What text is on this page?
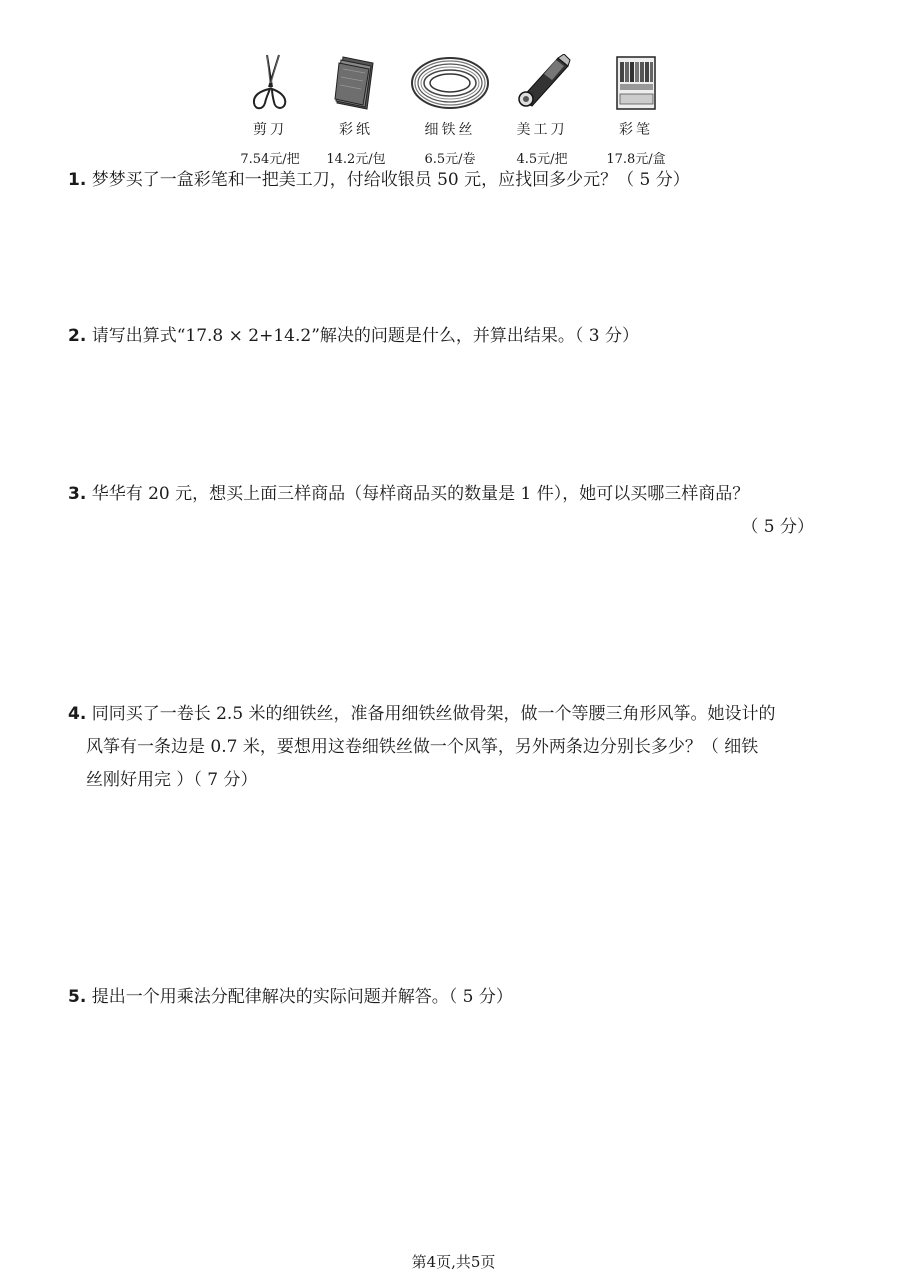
剪刀
7.54元/把
彩纸
14.2元/包
细铁丝
6.5元/卷
美工刀
4.5元/把
彩笔
17.8元/盒
1. 梦梦买了一盒彩笔和一把美工刀，付给收银员 50 元，应找回多少元？（ 5 分）
2. 请写出算式“17.8 × 2+14.2”解决的问题是什么，并算出结果。（ 3 分）
3. 华华有 20 元，想买上面三样商品（每样商品买的数量是 1 件），她可以买哪三样商品？
（ 5 分）
4. 同同买了一卷长 2.5 米的细铁丝，准备用细铁丝做骨架，做一个等腰三角形风筝。她设计的
风筝有一条边是 0.7 米，要想用这卷细铁丝做一个风筝，另外两条边分别长多少？（ 细铁
丝刚好用完 ）（ 7 分）
5. 提出一个用乘法分配律解决的实际问题并解答。（ 5 分）
第4页,共5页
